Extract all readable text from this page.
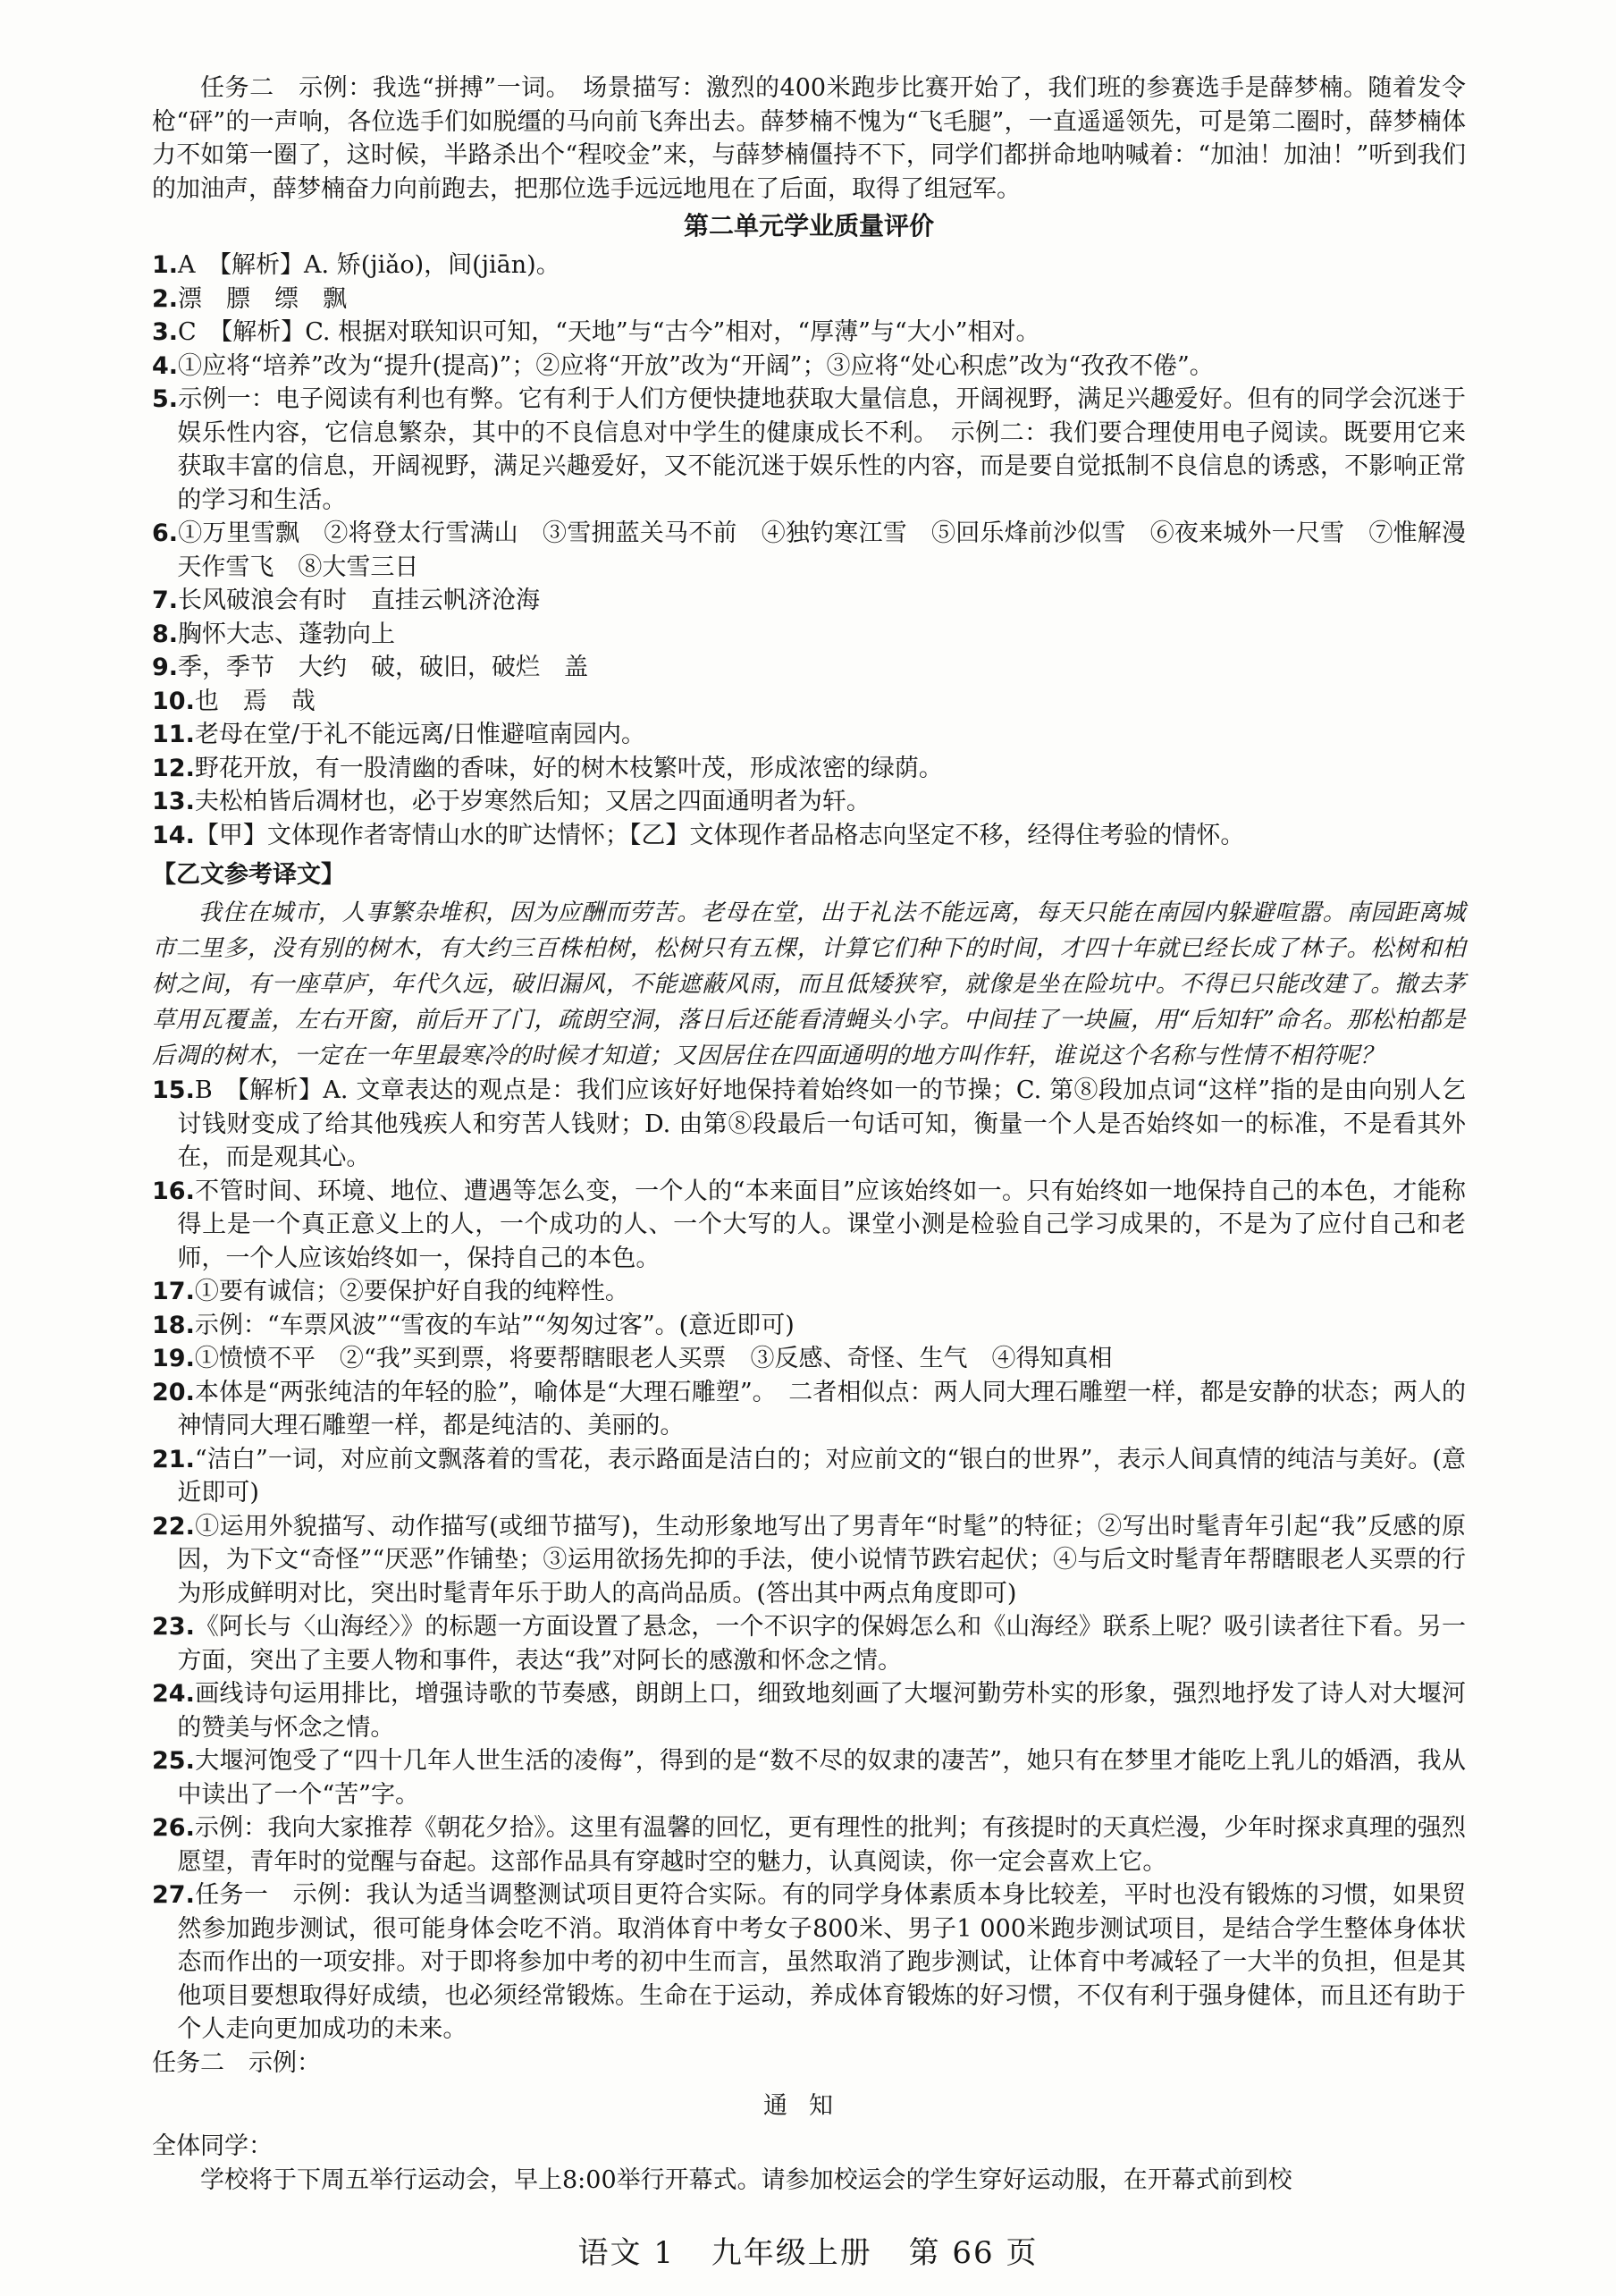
任务二　示例：我选“拼搏”一词。　场景描写：激烈的400米跑步比赛开始了，我们班的参赛选手是薛梦楠。随着发令枪“砰”的一声响，各位选手们如脱缰的马向前飞奔出去。薛梦楠不愧为“飞毛腿”，一直遥遥领先，可是第二圈时，薛梦楠体力不如第一圈了，这时候，半路杀出个“程咬金”来，与薛梦楠僵持不下，同学们都拼命地呐喊着：“加油！加油！”听到我们的加油声，薛梦楠奋力向前跑去，把那位选手远远地甩在了后面，取得了组冠军。

第二单元学业质量评价

1.A　【解析】A. 矫(jiǎo)，间(jiān)。

2.漂　膘　缥　飘

3.C　【解析】C. 根据对联知识可知，“天地”与“古今”相对，“厚薄”与“大小”相对。

4.①应将“培养”改为“提升(提高)”；②应将“开放”改为“开阔”；③应将“处心积虑”改为“孜孜不倦”。

5.示例一：电子阅读有利也有弊。它有利于人们方便快捷地获取大量信息，开阔视野，满足兴趣爱好。但有的同学会沉迷于娱乐性内容，它信息繁杂，其中的不良信息对中学生的健康成长不利。　示例二：我们要合理使用电子阅读。既要用它来获取丰富的信息，开阔视野，满足兴趣爱好，又不能沉迷于娱乐性的内容，而是要自觉抵制不良信息的诱惑，不影响正常的学习和生活。

6.①万里雪飘　②将登太行雪满山　③雪拥蓝关马不前　④独钓寒江雪　⑤回乐烽前沙似雪　⑥夜来城外一尺雪　⑦惟解漫天作雪飞　⑧大雪三日

7.长风破浪会有时　直挂云帆济沧海

8.胸怀大志、蓬勃向上

9.季，季节　大约　破，破旧，破烂　盖

10.也　焉　哉

11.老母在堂/于礼不能远离/日惟避喧南园内。

12.野花开放，有一股清幽的香味，好的树木枝繁叶茂，形成浓密的绿荫。

13.夫松柏皆后凋材也，必于岁寒然后知；又居之四面通明者为轩。

14.【甲】文体现作者寄情山水的旷达情怀；【乙】文体现作者品格志向坚定不移，经得住考验的情怀。

【乙文参考译文】

我住在城市，人事繁杂堆积，因为应酬而劳苦。老母在堂，出于礼法不能远离，每天只能在南园内躲避喧嚣。南园距离城市二里多，没有别的树木，有大约三百株柏树，松树只有五棵，计算它们种下的时间，才四十年就已经长成了林子。松树和柏树之间，有一座草庐，年代久远，破旧漏风，不能遮蔽风雨，而且低矮狭窄，就像是坐在险坑中。不得已只能改建了。撤去茅草用瓦覆盖，左右开窗，前后开了门，疏朗空洞，落日后还能看清蝇头小字。中间挂了一块匾，用“后知轩”命名。那松柏都是后凋的树木，一定在一年里最寒冷的时候才知道；又因居住在四面通明的地方叫作轩，谁说这个名称与性情不相符呢？

15.B　【解析】A. 文章表达的观点是：我们应该好好地保持着始终如一的节操；C. 第⑧段加点词“这样”指的是由向别人乞讨钱财变成了给其他残疾人和穷苦人钱财；D. 由第⑧段最后一句话可知，衡量一个人是否始终如一的标准，不是看其外在，而是观其心。

16.不管时间、环境、地位、遭遇等怎么变，一个人的“本来面目”应该始终如一。只有始终如一地保持自己的本色，才能称得上是一个真正意义上的人，一个成功的人、一个大写的人。课堂小测是检验自己学习成果的，不是为了应付自己和老师，一个人应该始终如一，保持自己的本色。

17.①要有诚信；②要保护好自我的纯粹性。

18.示例：“车票风波”“雪夜的车站”“匆匆过客”。(意近即可)

19.①愤愤不平　②“我”买到票，将要帮瞎眼老人买票　③反感、奇怪、生气　④得知真相

20.本体是“两张纯洁的年轻的脸”，喻体是“大理石雕塑”。　二者相似点：两人同大理石雕塑一样，都是安静的状态；两人的神情同大理石雕塑一样，都是纯洁的、美丽的。

21.“洁白”一词，对应前文飘落着的雪花，表示路面是洁白的；对应前文的“银白的世界”，表示人间真情的纯洁与美好。(意近即可)

22.①运用外貌描写、动作描写(或细节描写)，生动形象地写出了男青年“时髦”的特征；②写出时髦青年引起“我”反感的原因，为下文“奇怪”“厌恶”作铺垫；③运用欲扬先抑的手法，使小说情节跌宕起伏；④与后文时髦青年帮瞎眼老人买票的行为形成鲜明对比，突出时髦青年乐于助人的高尚品质。(答出其中两点角度即可)

23.《阿长与〈山海经〉》的标题一方面设置了悬念，一个不识字的保姆怎么和《山海经》联系上呢？吸引读者往下看。另一方面，突出了主要人物和事件，表达“我”对阿长的感激和怀念之情。

24.画线诗句运用排比，增强诗歌的节奏感，朗朗上口，细致地刻画了大堰河勤劳朴实的形象，强烈地抒发了诗人对大堰河的赞美与怀念之情。

25.大堰河饱受了“四十几年人世生活的凌侮”，得到的是“数不尽的奴隶的凄苦”，她只有在梦里才能吃上乳儿的婚酒，我从中读出了一个“苦”字。

26.示例：我向大家推荐《朝花夕拾》。这里有温馨的回忆，更有理性的批判；有孩提时的天真烂漫，少年时探求真理的强烈愿望，青年时的觉醒与奋起。这部作品具有穿越时空的魅力，认真阅读，你一定会喜欢上它。

27.任务一　示例：我认为适当调整测试项目更符合实际。有的同学身体素质本身比较差，平时也没有锻炼的习惯，如果贸然参加跑步测试，很可能身体会吃不消。取消体育中考女子800米、男子1 000米跑步测试项目，是结合学生整体身体状态而作出的一项安排。对于即将参加中考的初中生而言，虽然取消了跑步测试，让体育中考减轻了一大半的负担，但是其他项目要想取得好成绩，也必须经常锻炼。生命在于运动，养成体育锻炼的好习惯，不仅有利于强身健体，而且还有助于个人走向更加成功的未来。

任务二　示例：

通知

全体同学：

学校将于下周五举行运动会，早上8:00举行开幕式。请参加校运会的学生穿好运动服，在开幕式前到校

语文 1 九年级上册 第 66 页
